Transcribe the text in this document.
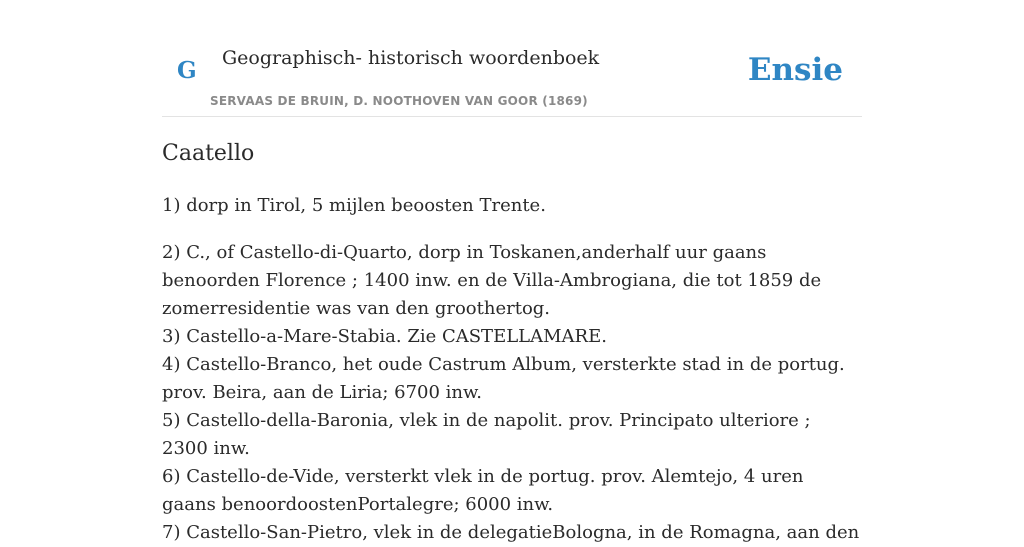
G Geographisch- historisch woordenboek
SERVAAS DE BRUIN, D. NOOTHOVEN VAN GOOR (1869)
Ensie
Caatello

1) dorp in Tirol, 5 mijlen beoosten Trente.

2) C., of Castello-di-Quarto, dorp in Toskanen,anderhalf uur gaans benoorden Florence ; 1400 inw. en de Villa-Ambrogiana, die tot 1859 de zomerresidentie was van den groothertog.

3) Castello-a-Mare-Stabia. Zie CASTELLAMARE.

4) Castello-Branco, het oude Castrum Album, versterkte stad in de portug. prov. Beira, aan de Liria; 6700 inw.

5) Castello-della-Baronia, vlek in de napolit. prov. Principato ulteriore ; 2300 inw.

6) Castello-de-Vide, versterkt vlek in de portug. prov. Alemtejo, 4 uren gaans benoordoostenPortalegre; 6000 inw.

7) Castello-San-Pietro, vlek in de delegatieBologna, in de Romagna, aan den
